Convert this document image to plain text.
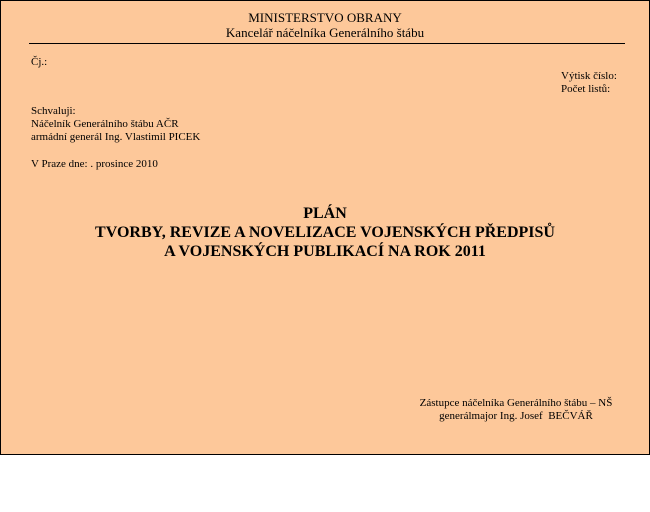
MINISTERSTVO OBRANY
Kancelář náčelníka Generálního štábu
Čj.:
Výtisk číslo:
Počet listů:
Schvaluji:
Náčelník Generálního štábu AČR
armádní generál Ing. Vlastimil PICEK
V Praze dne: . prosince 2010
PLÁN
TVORBY, REVIZE A NOVELIZACE VOJENSKÝCH PŘEDPISŮ
A VOJENSKÝCH PUBLIKACÍ NA ROK 2011
Zástupce náčelníka Generálního štábu – NŠ
generálmajor Ing. Josef  BEČVÁŘ
